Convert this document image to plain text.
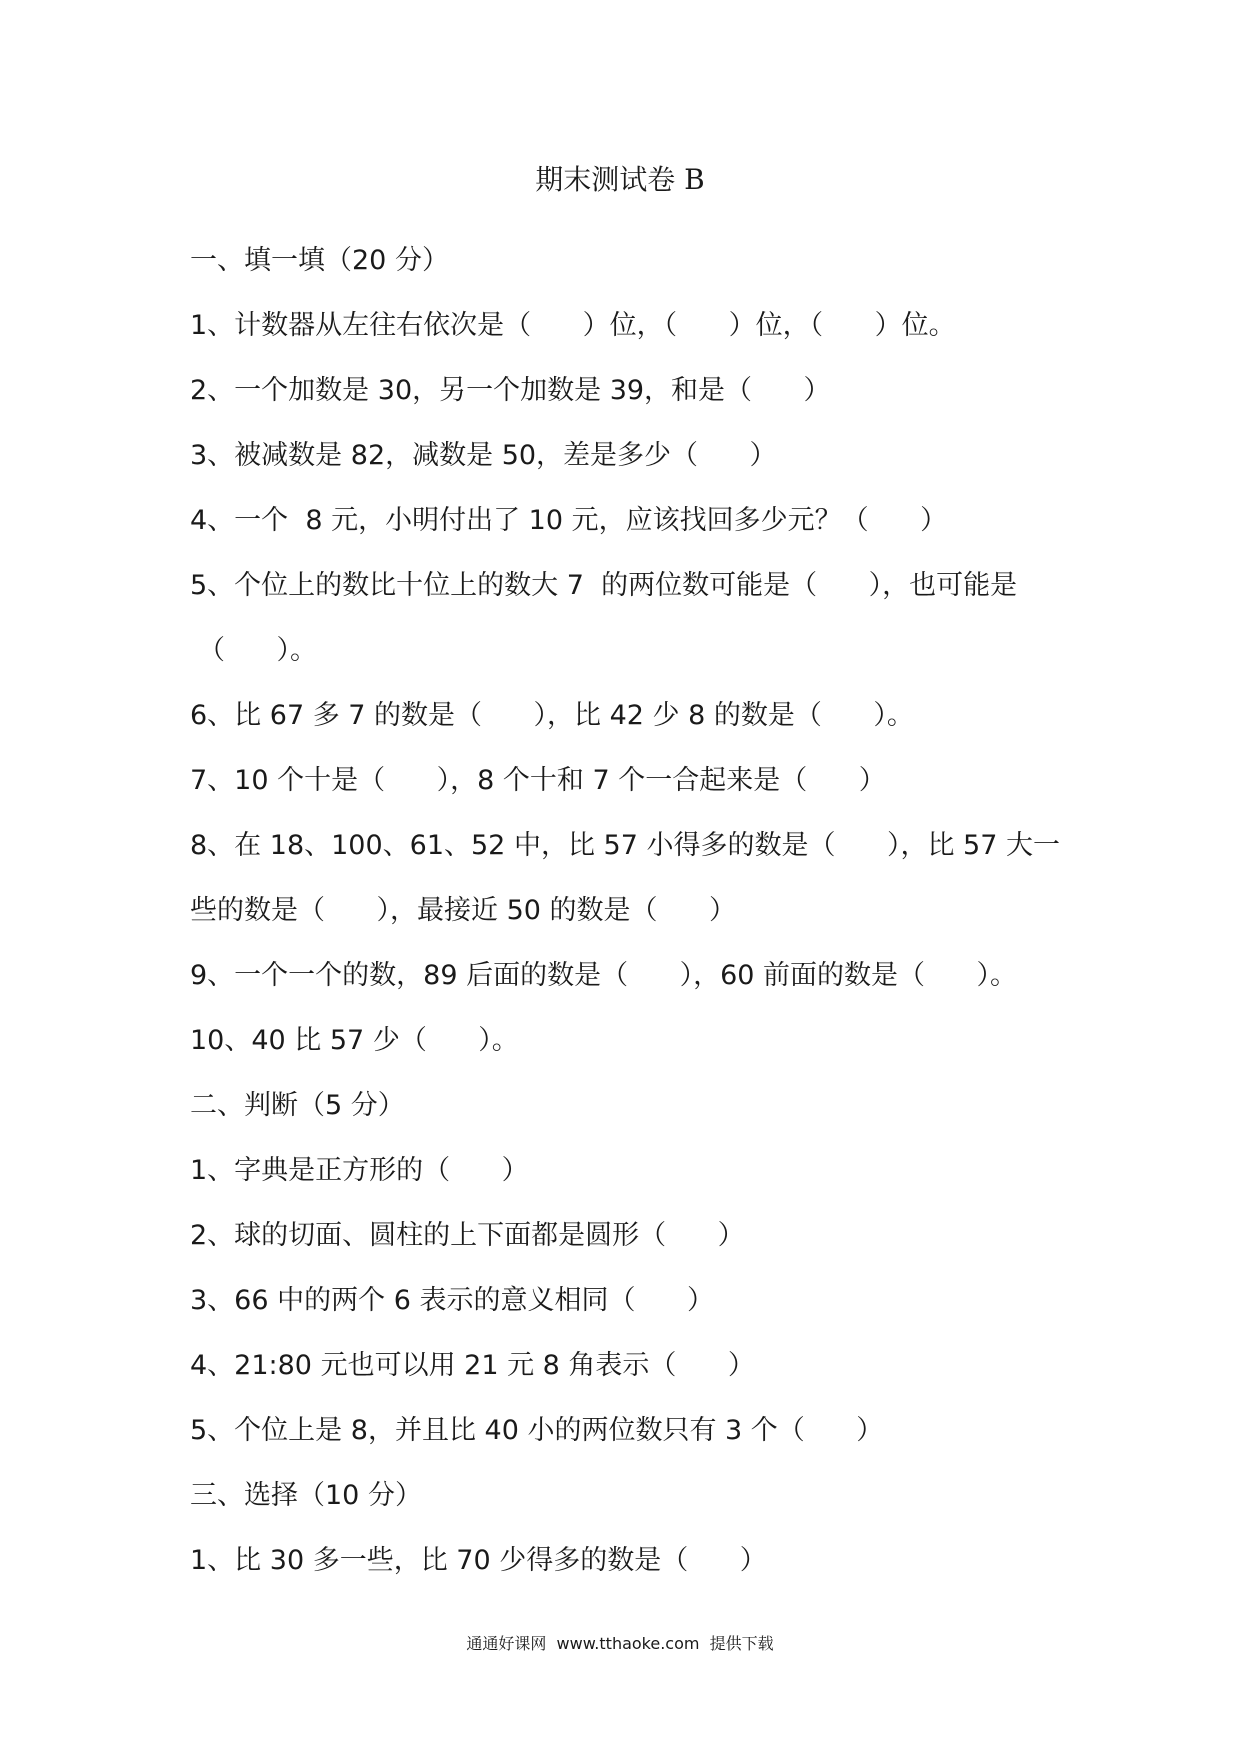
期末测试卷 B
一、填一填（20 分）
1、计数器从左往右依次是（      ）位，（      ）位，（      ）位。
2、一个加数是 30，另一个加数是 39，和是（      ）
3、被减数是 82，减数是 50，差是多少（      ）
4、一个  8 元，小明付出了 10 元，应该找回多少元？（      ）
5、个位上的数比十位上的数大 7  的两位数可能是（      ），也可能是
（      ）。
6、比 67 多 7 的数是（      ），比 42 少 8 的数是（      ）。
7、10 个十是（      ），8 个十和 7 个一合起来是（      ）
8、在 18、100、61、52 中，比 57 小得多的数是（      ），比 57 大一
些的数是（      ），最接近 50 的数是（      ）
9、一个一个的数，89 后面的数是（      ），60 前面的数是（      ）。
10、40 比 57 少（      ）。
二、判断（5 分）
1、字典是正方形的（      ）
2、球的切面、圆柱的上下面都是圆形（      ）
3、66 中的两个 6 表示的意义相同（      ）
4、21:80 元也可以用 21 元 8 角表示（      ）
5、个位上是 8，并且比 40 小的两位数只有 3 个（      ）
三、选择（10 分）
1、比 30 多一些，比 70 少得多的数是（      ）
通通好课网  www.tthaoke.com  提供下载
